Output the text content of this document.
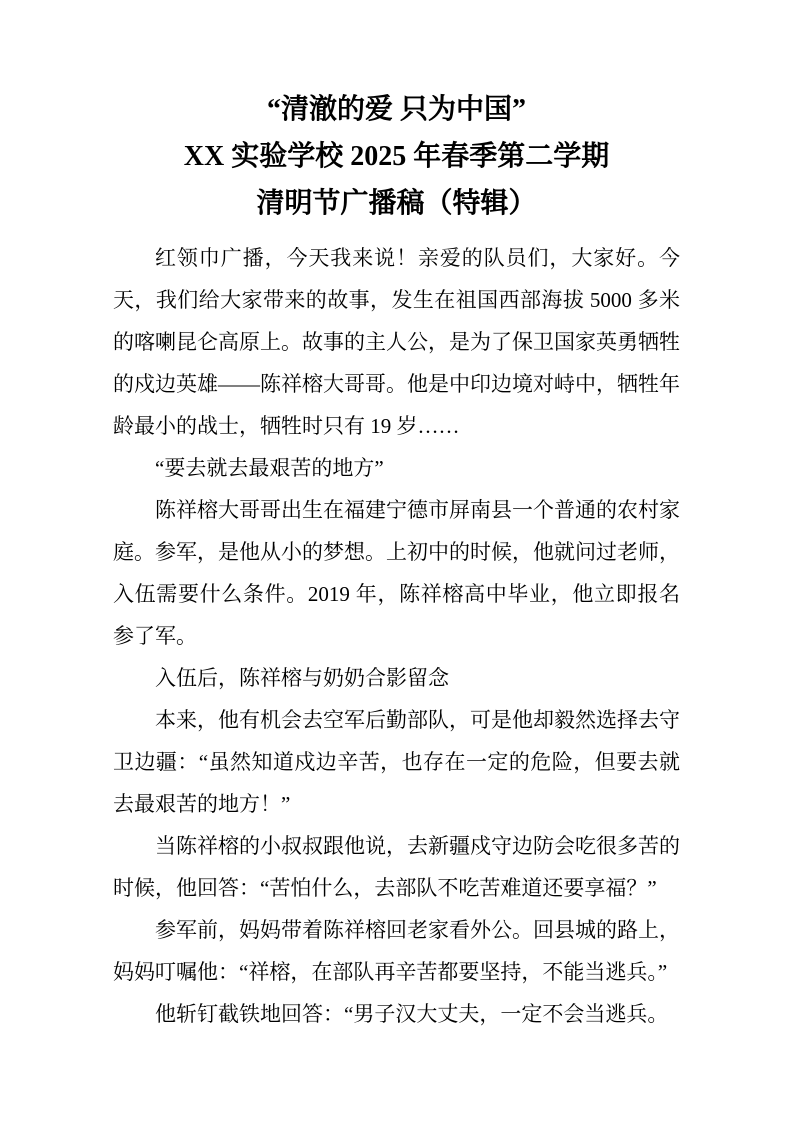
“清澈的爱 只为中国”
XX 实验学校 2025 年春季第二学期
清明节广播稿（特辑）

红领巾广播，今天我来说！亲爱的队员们，大家好。今天，我们给大家带来的故事，发生在祖国西部海拔 5000 多米的喀喇昆仑高原上。故事的主人公，是为了保卫国家英勇牺牲的戍边英雄——陈祥榕大哥哥。他是中印边境对峙中，牺牲年龄最小的战士，牺牲时只有 19 岁……

“要去就去最艰苦的地方”

陈祥榕大哥哥出生在福建宁德市屏南县一个普通的农村家庭。参军，是他从小的梦想。上初中的时候，他就问过老师，入伍需要什么条件。2019 年，陈祥榕高中毕业，他立即报名参了军。

入伍后，陈祥榕与奶奶合影留念

本来，他有机会去空军后勤部队，可是他却毅然选择去守卫边疆：“虽然知道戍边辛苦，也存在一定的危险，但要去就去最艰苦的地方！”

当陈祥榕的小叔叔跟他说，去新疆戍守边防会吃很多苦的时候，他回答：“苦怕什么，去部队不吃苦难道还要享福？”

参军前，妈妈带着陈祥榕回老家看外公。回县城的路上，妈妈叮嘱他：“祥榕，在部队再辛苦都要坚持，不能当逃兵。”

他斩钉截铁地回答：“男子汉大丈夫，一定不会当逃兵。
